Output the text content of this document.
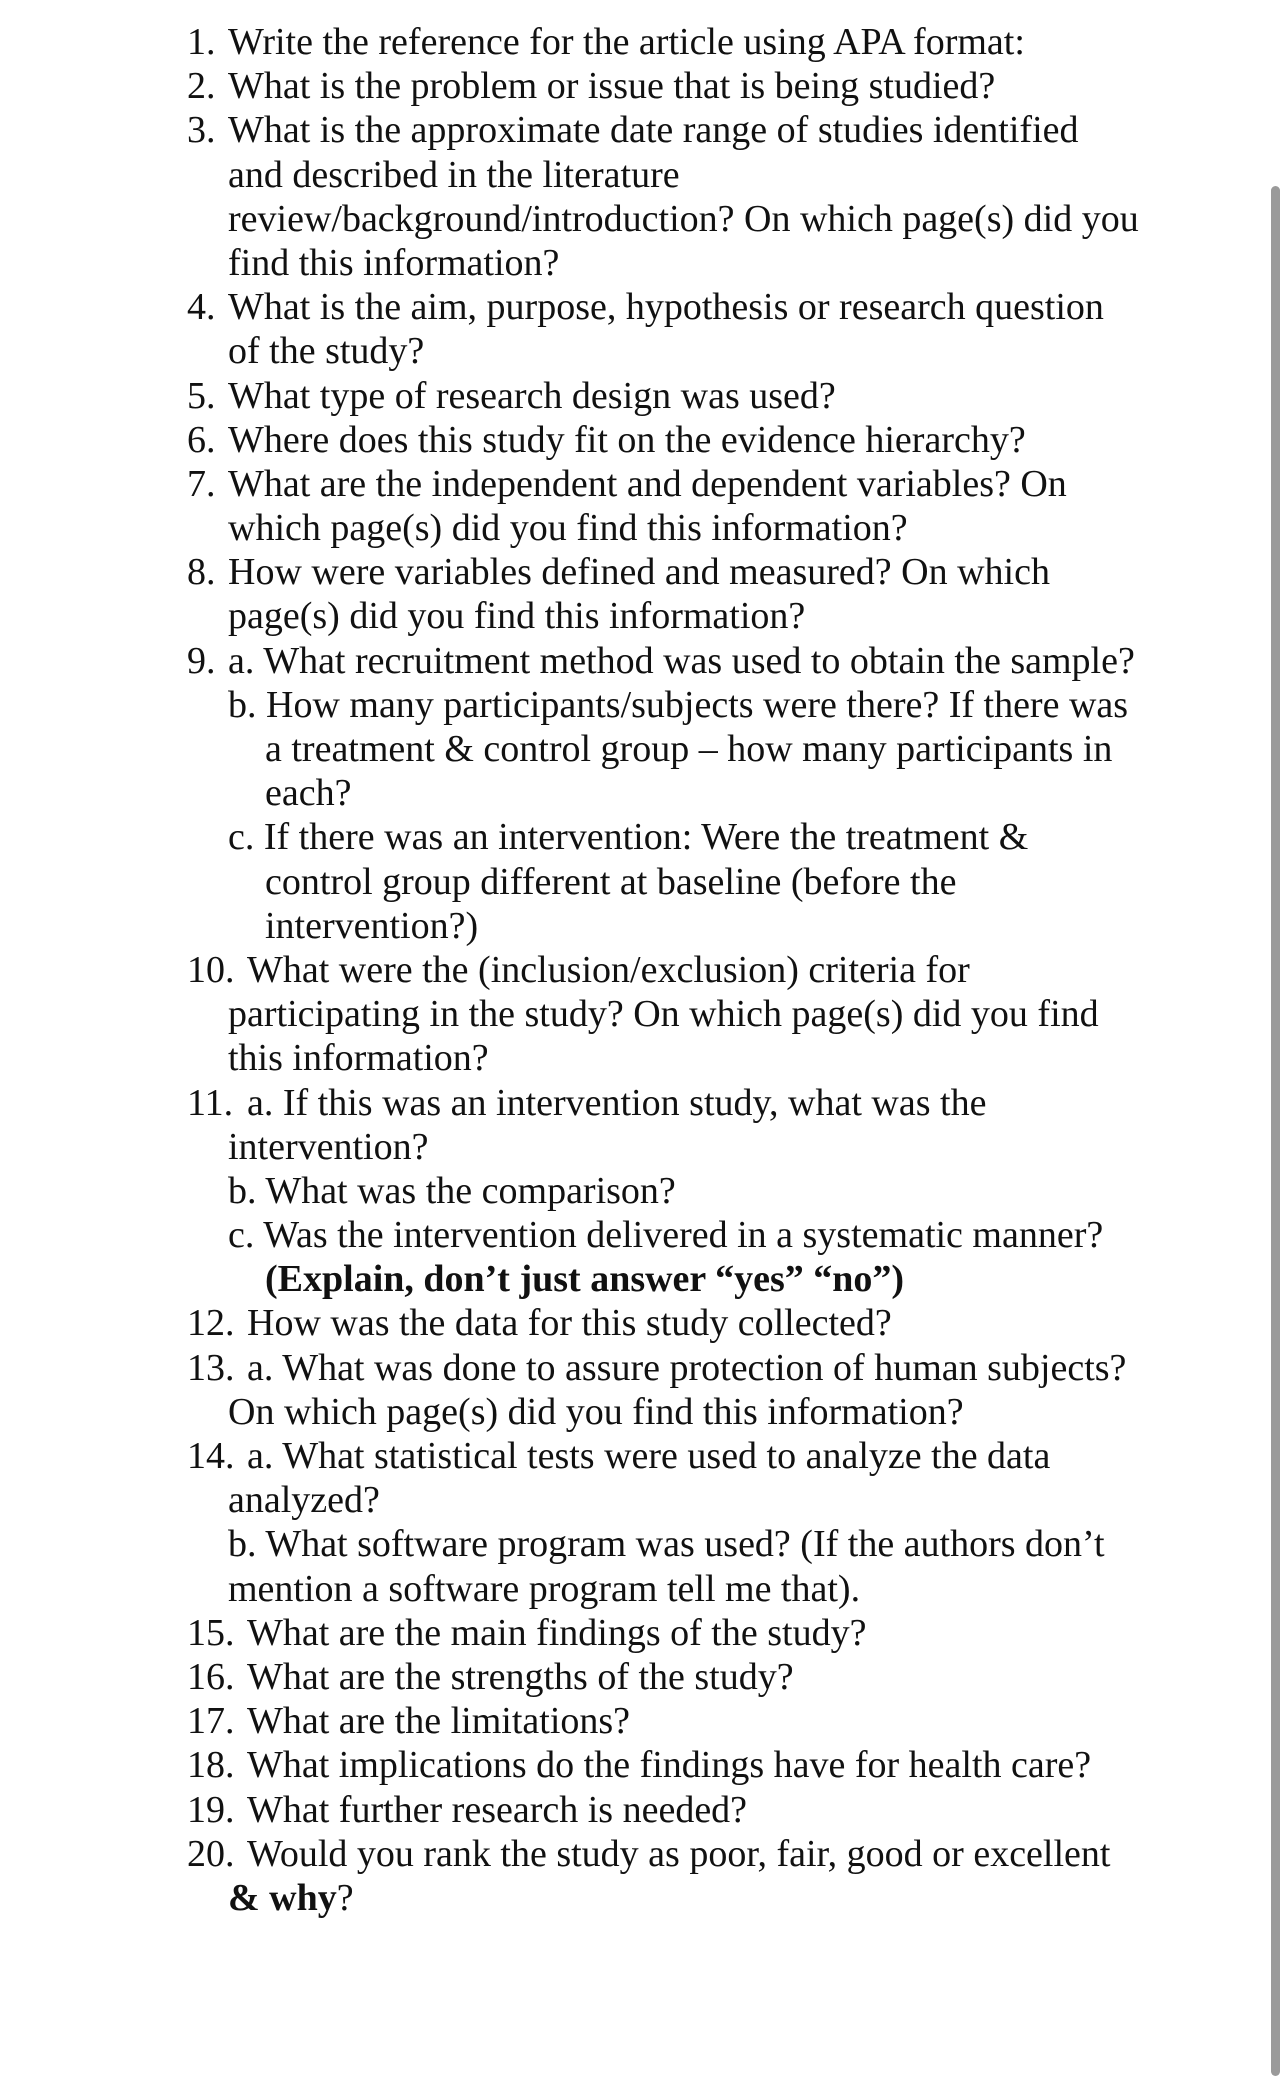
1. Write the reference for the article using APA format:
2. What is the problem or issue that is being studied?
3. What is the approximate date range of studies identified
and described in the literature
review/background/introduction? On which page(s) did you
find this information?
4. What is the aim, purpose, hypothesis or research question
of the study?
5. What type of research design was used?
6. Where does this study fit on the evidence hierarchy?
7. What are the independent and dependent variables? On
which page(s) did you find this information?
8. How were variables defined and measured? On which
page(s) did you find this information?
9. a. What recruitment method was used to obtain the sample?
b. How many participants/subjects were there? If there was
a treatment & control group – how many participants in
each?
c. If there was an intervention: Were the treatment &
control group different at baseline (before the
intervention?)
10. What were the (inclusion/exclusion) criteria for
participating in the study? On which page(s) did you find
this information?
11. a. If this was an intervention study, what was the
intervention?
b. What was the comparison?
c. Was the intervention delivered in a systematic manner?
(Explain, don’t just answer “yes” “no”)
12. How was the data for this study collected?
13. a. What was done to assure protection of human subjects?
On which page(s) did you find this information?
14. a. What statistical tests were used to analyze the data
analyzed?
b. What software program was used? (If the authors don’t
mention a software program tell me that).
15. What are the main findings of the study?
16. What are the strengths of the study?
17. What are the limitations?
18. What implications do the findings have for health care?
19. What further research is needed?
20. Would you rank the study as poor, fair, good or excellent
& why?
